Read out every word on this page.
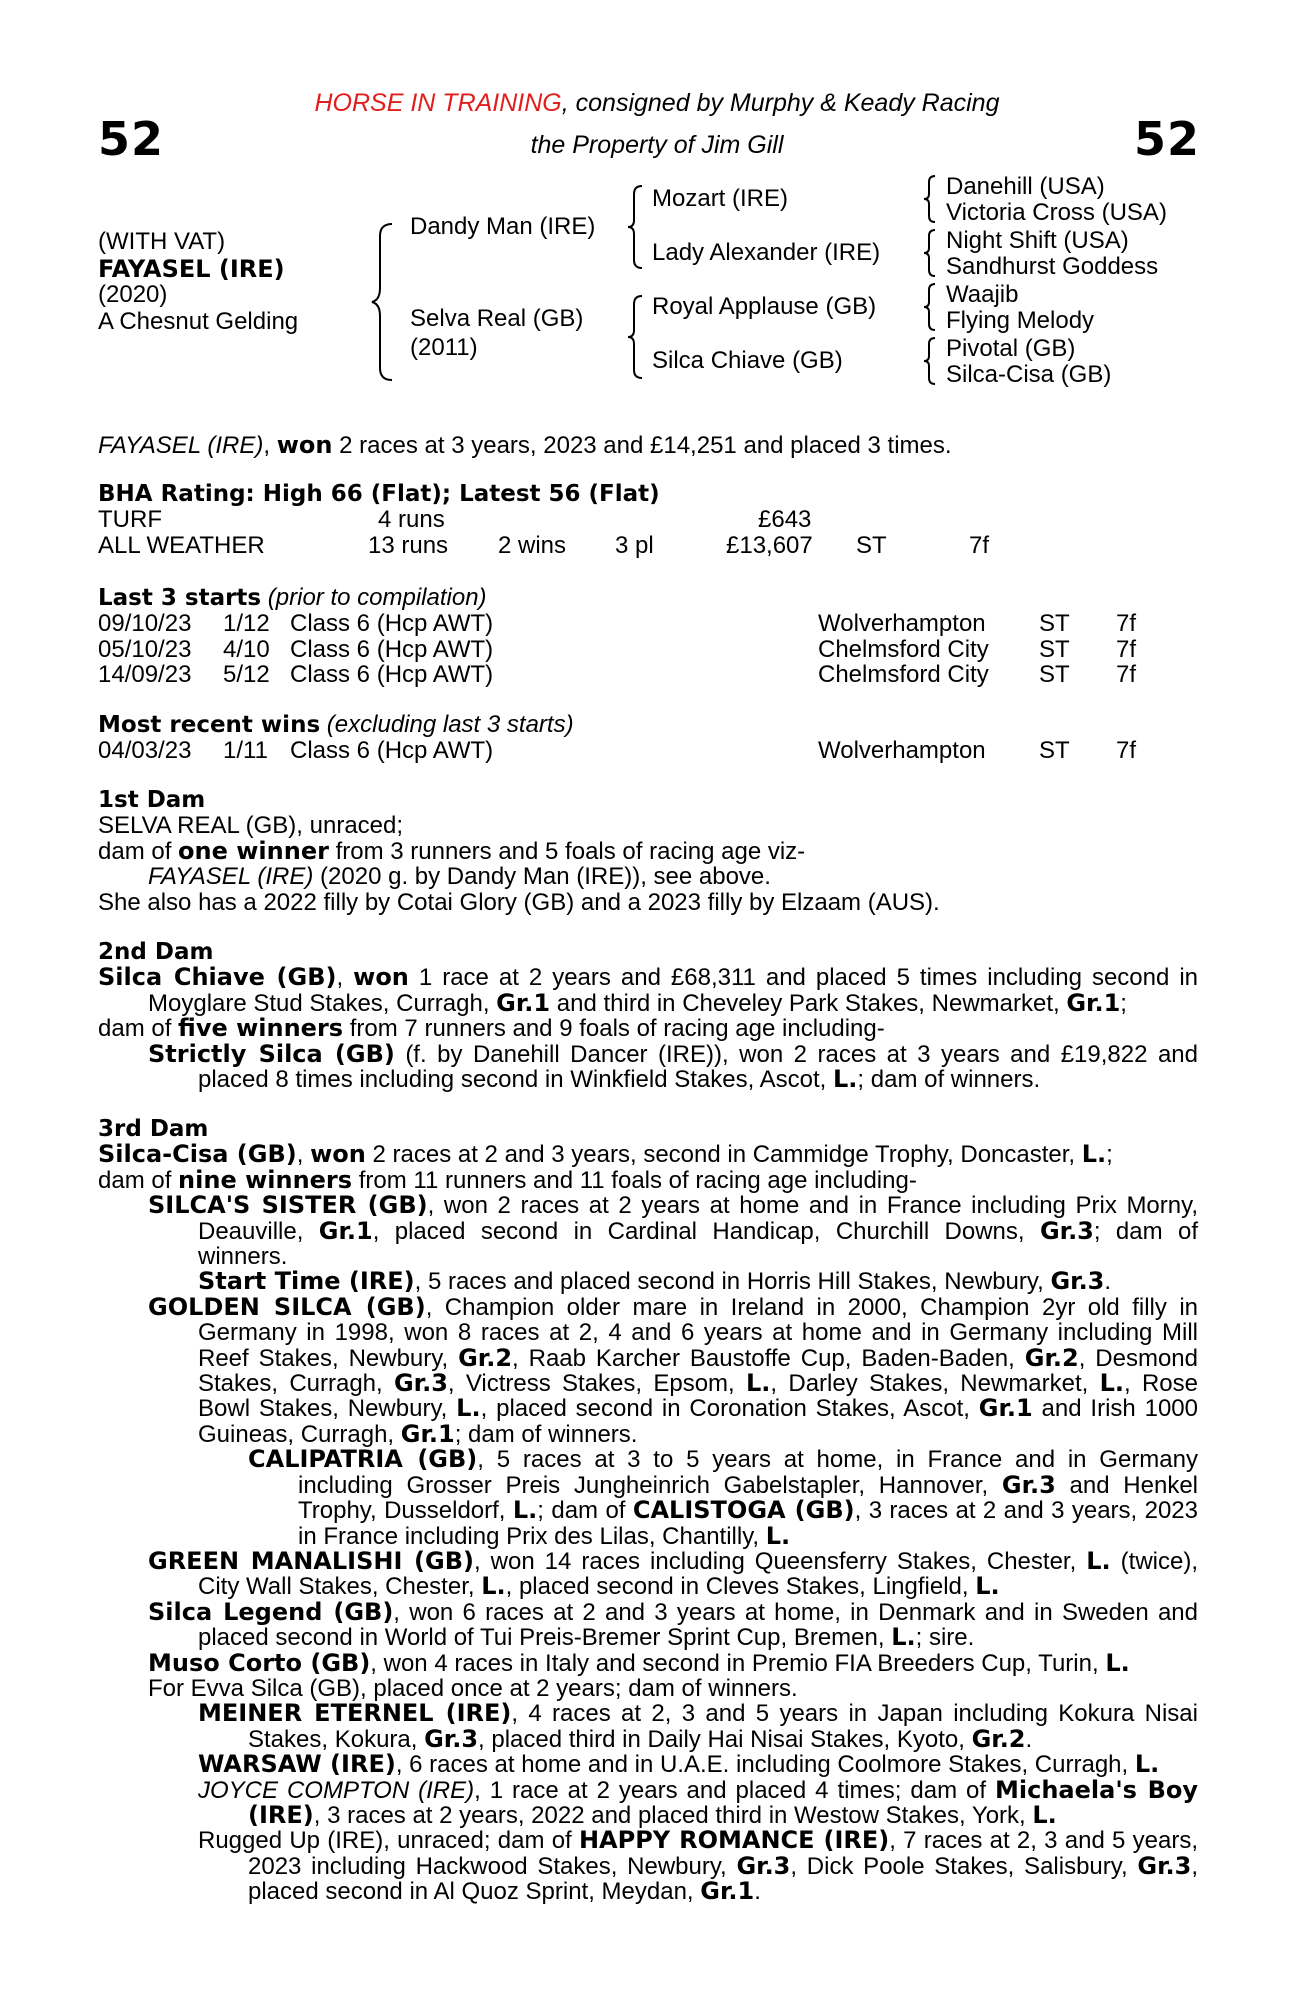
52	52
HORSE IN TRAINING, consigned by Murphy & Keady Racing
the Property of Jim Gill
(WITH VAT)
FAYASEL (IRE)
(2020)
A Chesnut Gelding
Dandy Man (IRE)
Selva Real (GB)
(2011)
Mozart (IRE)
Lady Alexander (IRE)
Royal Applause (GB)
Silca Chiave (GB)
Danehill (USA)
Victoria Cross (USA)
Night Shift (USA)
Sandhurst Goddess
Waajib
Flying Melody
Pivotal (GB)
Silca-Cisa (GB)
FAYASEL (IRE), won 2 races at 3 years, 2023 and £14,251 and placed 3 times.
BHA Rating: High 66 (Flat); Latest 56 (Flat)
TURF	4 runs	£643
ALL WEATHER	13 runs 2 wins 3 pl	£13,607 ST	7f
Last 3 starts (prior to compilation)
09/10/23 1/12 Class 6 (Hcp AWT)	Wolverhampton ST 7f
05/10/23 4/10 Class 6 (Hcp AWT)	Chelmsford City ST 7f
14/09/23 5/12 Class 6 (Hcp AWT)	Chelmsford City ST 7f
Most recent wins (excluding last 3 starts)
04/03/23 1/11 Class 6 (Hcp AWT)	Wolverhampton ST 7f
1st Dam
SELVA REAL (GB), unraced;
dam of one winner from 3 runners and 5 foals of racing age viz-
FAYASEL (IRE) (2020 g. by Dandy Man (IRE)), see above.
She also has a 2022 filly by Cotai Glory (GB) and a 2023 filly by Elzaam (AUS).
2nd Dam
Silca Chiave (GB), won 1 race at 2 years and £68,311 and placed 5 times including second in Moyglare Stud Stakes, Curragh, Gr.1 and third in Cheveley Park Stakes, Newmarket, Gr.1;
dam of five winners from 7 runners and 9 foals of racing age including-
Strictly Silca (GB) (f. by Danehill Dancer (IRE)), won 2 races at 3 years and £19,822 and placed 8 times including second in Winkfield Stakes, Ascot, L.; dam of winners.
3rd Dam
Silca-Cisa (GB), won 2 races at 2 and 3 years, second in Cammidge Trophy, Doncaster, L.;
dam of nine winners from 11 runners and 11 foals of racing age including-
SILCA'S SISTER (GB), won 2 races at 2 years at home and in France including Prix Morny, Deauville, Gr.1, placed second in Cardinal Handicap, Churchill Downs, Gr.3; dam of winners.
Start Time (IRE), 5 races and placed second in Horris Hill Stakes, Newbury, Gr.3.
GOLDEN SILCA (GB), Champion older mare in Ireland in 2000, Champion 2yr old filly in Germany in 1998, won 8 races at 2, 4 and 6 years at home and in Germany including Mill Reef Stakes, Newbury, Gr.2, Raab Karcher Baustoffe Cup, Baden-Baden, Gr.2, Desmond Stakes, Curragh, Gr.3, Victress Stakes, Epsom, L., Darley Stakes, Newmarket, L., Rose Bowl Stakes, Newbury, L., placed second in Coronation Stakes, Ascot, Gr.1 and Irish 1000 Guineas, Curragh, Gr.1; dam of winners.
CALIPATRIA (GB), 5 races at 3 to 5 years at home, in France and in Germany including Grosser Preis Jungheinrich Gabelstapler, Hannover, Gr.3 and Henkel Trophy, Dusseldorf, L.; dam of CALISTOGA (GB), 3 races at 2 and 3 years, 2023 in France including Prix des Lilas, Chantilly, L.
GREEN MANALISHI (GB), won 14 races including Queensferry Stakes, Chester, L. (twice), City Wall Stakes, Chester, L., placed second in Cleves Stakes, Lingfield, L.
Silca Legend (GB), won 6 races at 2 and 3 years at home, in Denmark and in Sweden and placed second in World of Tui Preis-Bremer Sprint Cup, Bremen, L.; sire.
Muso Corto (GB), won 4 races in Italy and second in Premio FIA Breeders Cup, Turin, L.
For Evva Silca (GB), placed once at 2 years; dam of winners.
MEINER ETERNEL (IRE), 4 races at 2, 3 and 5 years in Japan including Kokura Nisai Stakes, Kokura, Gr.3, placed third in Daily Hai Nisai Stakes, Kyoto, Gr.2.
WARSAW (IRE), 6 races at home and in U.A.E. including Coolmore Stakes, Curragh, L.
JOYCE COMPTON (IRE), 1 race at 2 years and placed 4 times; dam of Michaela's Boy (IRE), 3 races at 2 years, 2022 and placed third in Westow Stakes, York, L.
Rugged Up (IRE), unraced; dam of HAPPY ROMANCE (IRE), 7 races at 2, 3 and 5 years, 2023 including Hackwood Stakes, Newbury, Gr.3, Dick Poole Stakes, Salisbury, Gr.3, placed second in Al Quoz Sprint, Meydan, Gr.1.
